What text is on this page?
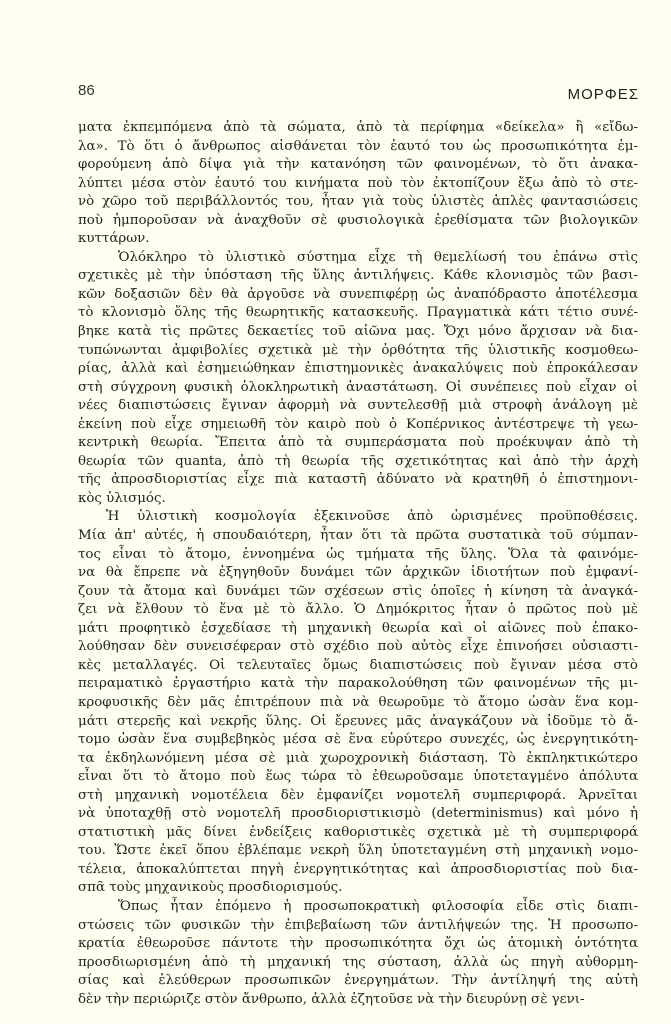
86	ΜΟΡΦΕΣ

ματα ἐκπεμπόμενα ἀπὸ τὰ σώματα, ἀπὸ τὰ περίφημα «δείκελα» ἢ «εἴδω-
λα». Τὸ ὅτι ὁ ἄνθρωπος αἰσθάνεται τὸν ἑαυτό του ὡς προσωπικότητα ἐμ-
φορούμενη ἀπὸ δίψα γιὰ τὴν κατανόηση τῶν φαινομένων, τὸ ὅτι ἀνακα-
λύπτει μέσα στὸν ἑαυτό του κινήματα ποὺ τὸν ἐκτοπίζουν ἔξω ἀπὸ τὸ στε-
νὸ χῶρο τοῦ περιβάλλοντός του, ἦταν γιὰ τοὺς ὑλιστὲς ἁπλὲς φαντασιώσεις
ποὺ ἠμποροῦσαν νὰ ἀναχθοῦν σὲ φυσιολογικὰ ἐρεθίσματα τῶν βιολογικῶν
κυττάρων.

Ὁλόκληρο τὸ ὑλιστικὸ σύστημα εἶχε τὴ θεμελίωσή του ἐπάνω στὶς
σχετικὲς μὲ τὴν ὑπόσταση τῆς ὕλης ἀντιλήψεις. Κάθε κλονισμὸς τῶν βασι-
κῶν δοξασιῶν δὲν θὰ ἀργοῦσε νὰ συνεπιφέρῃ ὡς ἀναπόδραστο ἀποτέλεσμα
τὸ κλονισμὸ ὅλης τῆς θεωρητικῆς κατασκευῆς. Πραγματικὰ κάτι τέτιο συνέ-
βηκε κατὰ τὶς πρῶτες δεκαετίες τοῦ αἰῶνα μας. Ὄχι μόνο ἄρχισαν νὰ δια-
τυπώνωνται ἀμφιβολίες σχετικὰ μὲ τὴν ὀρθότητα τῆς ὑλιστικῆς κοσμοθεω-
ρίας, ἀλλὰ καὶ ἐσημειώθηκαν ἐπιστημονικὲς ἀνακαλύψεις ποὺ ἐπροκάλεσαν
στὴ σύγχρονη φυσικὴ ὁλοκληρωτικὴ ἀναστάτωση. Οἱ συνέπειες ποὺ εἶχαν οἱ
νέες διαπιστώσεις ἔγιναν ἀφορμὴ νὰ συντελεσθῇ μιὰ στροφὴ ἀνάλογη μὲ
ἐκείνη ποὺ εἶχε σημειωθῆ τὸν καιρὸ ποὺ ὁ Κοπέρνικος ἀντέστρεψε τὴ γεω-
κεντρικὴ θεωρία. Ἔπειτα ἀπὸ τὰ συμπεράσματα ποὺ προέκυψαν ἀπὸ τὴ
θεωρία τῶν quanta, ἀπὸ τὴ θεωρία τῆς σχετικότητας καὶ ἀπὸ τὴν ἀρχὴ
τῆς ἀπροσδιοριστίας εἶχε πιὰ καταστῆ ἀδύνατο νὰ κρατηθῆ ὁ ἐπιστημονι-
κὸς ὑλισμός.

Ἡ ὑλιστικὴ κοσμολογία ἐξεκινοῦσε ἀπὸ ὡρισμένες προϋποθέσεις.
Μία ἀπ' αὐτές, ἡ σπουδαιότερη, ἦταν ὅτι τὰ πρῶτα συστατικὰ τοῦ σύμπαν-
τος εἶναι τὸ ἄτομο, ἐννοημένα ὡς τμήματα τῆς ὕλης. Ὅλα τὰ φαινόμε-
να θὰ ἔπρεπε νὰ ἐξηγηθοῦν δυνάμει τῶν ἀρχικῶν ἰδιοτήτων ποὺ ἐμφανί-
ζουν τὰ ἄτομα καὶ δυνάμει τῶν σχέσεων στὶς ὁποῖες ἡ κίνηση τὰ ἀναγκά-
ζει νὰ ἔλθουν τὸ ἕνα μὲ τὸ ἄλλο. Ὁ Δημόκριτος ἦταν ὁ πρῶτος ποὺ μὲ
μάτι προφητικὸ ἐσχεδίασε τὴ μηχανικὴ θεωρία καὶ οἱ αἰῶνες ποὺ ἐπακο-
λούθησαν δὲν συνεισέφεραν στὸ σχέδιο ποὺ αὐτὸς εἶχε ἐπινοήσει οὐσιαστι-
κὲς μεταλλαγές. Οἱ τελευταῖες ὅμως διαπιστώσεις ποὺ ἔγιναν μέσα στὸ
πειραματικὸ ἐργαστήριο κατὰ τὴν παρακολούθηση τῶν φαινομένων τῆς μι-
κροφυσικῆς δὲν μᾶς ἐπιτρέπουν πιὰ νὰ θεωροῦμε τὸ ἄτομο ὡσὰν ἕνα κομ-
μάτι στερεῆς καὶ νεκρῆς ὕλης. Οἱ ἔρευνες μᾶς ἀναγκάζουν νὰ ἰδοῦμε τὸ ἄ-
τομο ὡσὰν ἕνα συμβεβηκὸς μέσα σὲ ἕνα εὐρύτερο συνεχές, ὡς ἐνεργητικότη-
τα ἐκδηλωνόμενη μέσα σὲ μιὰ χωροχρονικὴ διάσταση. Τὸ ἐκπληκτικώτερο
εἶναι ὅτι τὸ ἄτομο ποὺ ἕως τώρα τὸ ἐθεωροῦσαμε ὑποτεταγμένο ἀπόλυτα
στὴ μηχανικὴ νομοτέλεια δὲν ἐμφανίζει νομοτελῆ συμπεριφορά. Ἀρνεῖται
νὰ ὑποταχθῇ στὸ νομοτελῆ προσδιοριστικισμὸ (determinismus) καὶ μόνο ἡ
στατιστικὴ μᾶς δίνει ἐνδείξεις καθοριστικὲς σχετικὰ μὲ τὴ συμπεριφορά
του. Ὥστε ἐκεῖ ὅπου ἐβλέπαμε νεκρὴ ὕλη ὑποτεταγμένη στὴ μηχανικὴ νομο-
τέλεια, ἀποκαλύπτεται πηγὴ ἐνεργητικότητας καὶ ἀπροσδιοριστίας ποὺ δια-
σπᾶ τοὺς μηχανικοὺς προσδιορισμούς.

Ὅπως ἦταν ἑπόμενο ἡ προσωποκρατικὴ φιλοσοφία εἶδε στὶς διαπι-
στώσεις τῶν φυσικῶν τὴν ἐπιβεβαίωση τῶν ἀντιλήψεών της. Ἡ προσωπο-
κρατία ἐθεωροῦσε πάντοτε τὴν προσωπικότητα ὄχι ὡς ἀτομικὴ ὀντότητα
προσδιωρισμένη ἀπὸ τὴ μηχανική της σύσταση, ἀλλὰ ὡς πηγὴ αὐθορμη-
σίας καὶ ἐλεύθερων προσωπικῶν ἐνεργημάτων. Τὴν ἀντίληψή της αὐτὴ
δὲν τὴν περιώριζε στὸν ἄνθρωπο, ἀλλὰ ἐζητοῦσε νὰ τὴν διευρύνῃ σὲ γενι-
